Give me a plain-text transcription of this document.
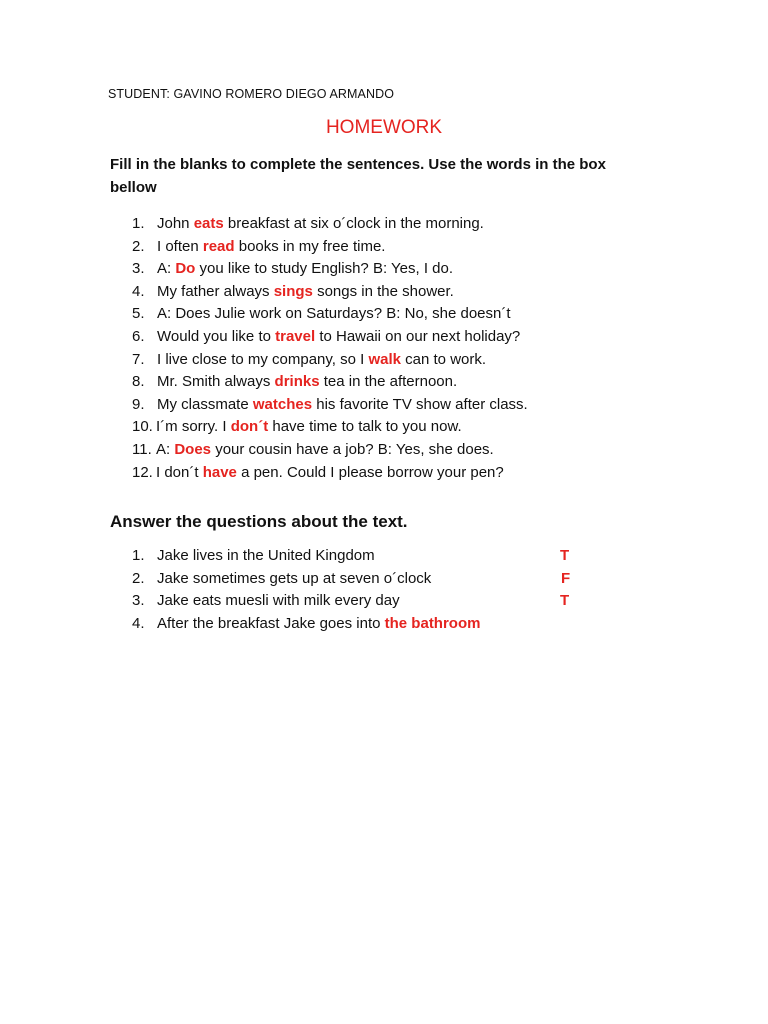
STUDENT: GAVINO ROMERO DIEGO ARMANDO
HOMEWORK
Fill in the blanks to complete the sentences. Use the words in the box bellow
1. John eats breakfast at six o´clock in the morning.
2. I often read books in my free time.
3. A: Do you like to study English? B: Yes, I do.
4. My father always sings songs in the shower.
5. A: Does Julie work on Saturdays? B: No, she doesn´t
6. Would you like to travel to Hawaii on our next holiday?
7. I live close to my company, so I walk can to work.
8. Mr. Smith always drinks tea in the afternoon.
9. My classmate watches his favorite TV show after class.
10. I´m sorry. I don´t have time to talk to you now.
11. A: Does your cousin have a job? B: Yes, she does.
12. I don´t have a pen. Could I please borrow your pen?
Answer the questions about the text.
1. Jake lives in the United Kingdom	T
2. Jake sometimes gets up at seven o´clock	F
3. Jake eats muesli with milk every day	T
4. After the breakfast Jake goes into the bathroom
